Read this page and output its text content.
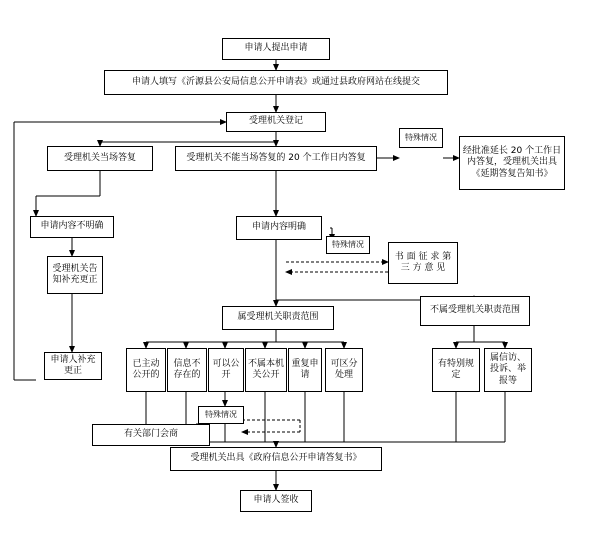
申请人提出申请
申请人填写《沂源县公安局信息公开申请表》或通过县政府网站在线提交
受理机关登记
受理机关当场答复	受理机关不能当场答复的 20 个工作日内答复
特殊情况
经批准延长 20 个工作日内答复，受理机关出具《延期答复告知书》
申请内容不明确	申请内容明确
特殊情况
书 面 征 求 第 三 方 意 见
受理机关告知补充更正
属受理机关职责范围
不属受理机关职责范围
申请人补充更正
已主动公开的
信息不存在的
可以公开
不属本机关公开
重复申请
可区分处理
有特别规定
属信访、投诉、举报等
特殊情况
有关部门会商
受理机关出具《政府信息公开申请答复书》
申请人签收
